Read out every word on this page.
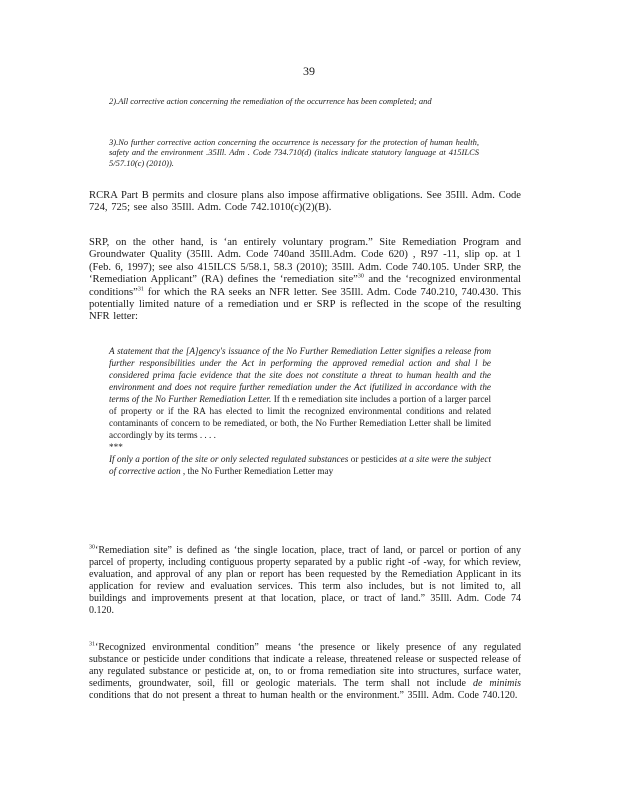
39
2).All corrective action concerning the remediation of the occurrence has been completed; and
3).No further corrective action concerning the occurrence is necessary for the protection of human health, safety and the environment .35Ill. Adm . Code 734.710(d) (italics indicate statutory language at 415ILCS 5/57.10(c) (2010)).
RCRA Part B permits and closure plans also impose affirmative obligations. See 35Ill. Adm. Code 724, 725; see also 35Ill. Adm. Code 742.1010(c)(2)(B).
SRP, on the other hand, is ‘an entirely voluntary program.” Site Remediation Program and Groundwater Quality (35Ill. Adm. Code 740and 35Ill.Adm. Code 620) , R97 -11, slip op. at 1 (Feb. 6, 1997); see also 415ILCS 5/58.1, 58.3 (2010); 35Ill. Adm. Code 740.105. Under SRP, the ‘Remediation Applicant” (RA) defines the ‘remediation site”$^{30}$ and the ‘recognized environmental conditions”$^{31}$ for which the RA seeks an NFR letter. See 35Ill. Adm. Code 740.210, 740.430. This potentially limited nature of a remediation und er SRP is reflected in the scope of the resulting NFR letter:
A statement that the [A]gency's issuance of the No Further Remediation Letter signifies a release from further responsibilities under the Act in performing the approved remedial action and shal l be considered prima facie evidence that the site does not constitute a threat to human health and the environment and does not require further remediation under the Act ifutilized in accordance with the terms of the No Further Remediation Letter. If th e remediation site includes a portion of a larger parcel of property or if the RA has elected to limit the recognized environmental conditions and related contaminants of concern to be remediated, or both, the No Further Remediation Letter shall be limited accordingly by its terms . . . .
***
If only a portion of the site or only selected regulated substances or pesticides at a site were the subject of corrective action , the No Further Remediation Letter may
$^{30}$‘Remediation site” is defined as ‘the single location, place, tract of land, or parcel or portion of any parcel of property, including contiguous property separated by a public right -of -way, for which review, evaluation, and approval of any plan or report has been requested by the Remediation Applicant in its application for review and evaluation services. This term also includes, but is not limited to, all buildings and improvements present at that location, place, or tract of land.” 35Ill. Adm. Code 74 0.120.
$^{31}$‘Recognized environmental condition” means ‘the presence or likely presence of any regulated substance or pesticide under conditions that indicate a release, threatened release or suspected release of any regulated substance or pesticide at, on, to or froma remediation site into structures, surface water, sediments, groundwater, soil, fill or geologic materials. The term shall not include de minimis conditions that do not present a threat to human health or the environment.” 35Ill. Adm. Code 740.120.
